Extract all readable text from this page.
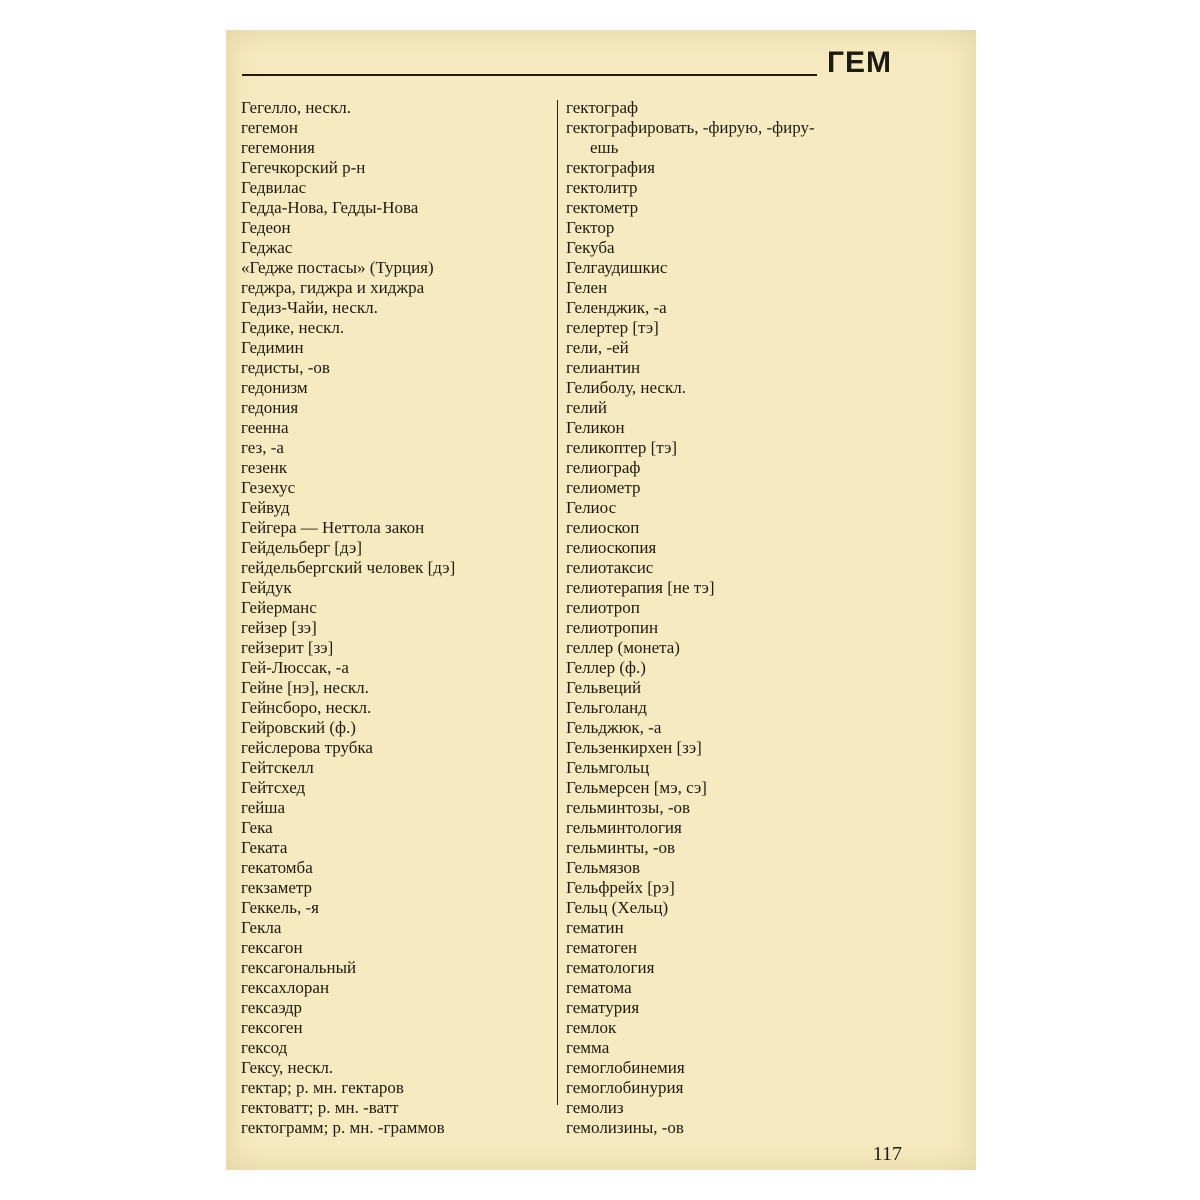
ГЕМ
Гегелло, нескл.
гегемон
гегемония
Гегечкорский р-н
Гедвилас
Гедда-Нова, Гедды-Нова
Гедеон
Геджас
«Гедже постасы» (Турция)
геджра, гиджра и хиджра
Гедиз-Чайи, нескл.
Гедике, нескл.
Гедимин
гедисты, -ов
гедонизм
гедония
геенна
гез, -а
гезенк
Гезехус
Гейвуд
Гейгера — Неттола закон
Гейдельберг [дэ]
гейдельбергский человек [дэ]
Гейдук
Гейерманс
гейзер [зэ]
гейзерит [зэ]
Гей-Люссак, -а
Гейне [нэ], нескл.
Гейнсборо, нескл.
Гейровский (ф.)
гейслерова трубка
Гейтскелл
Гейтсхед
гейша
Гека
Геката
гекатомба
гекзаметр
Геккель, -я
Гекла
гексагон
гексагональный
гексахлоран
гексаэдр
гексоген
гексод
Гексу, нескл.
гектар; р. мн. гектаров
гектоватт; р. мн. -ватт
гектограмм; р. мн. -граммов
гектограф
гектографировать, -фирую, -фиру-
ешь
гектография
гектолитр
гектометр
Гектор
Гекуба
Гелгаудишкис
Гелен
Геленджик, -а
гелертер [тэ]
гели, -ей
гелиантин
Гелиболу, нескл.
гелий
Геликон
геликоптер [тэ]
гелиограф
гелиометр
Гелиос
гелиоскоп
гелиоскопия
гелиотаксис
гелиотерапия [не тэ]
гелиотроп
гелиотропин
геллер (монета)
Геллер (ф.)
Гельвеций
Гельголанд
Гельджюк, -а
Гельзенкирхен [зэ]
Гельмгольц
Гельмерсен [мэ, сэ]
гельминтозы, -ов
гельминтология
гельминты, -ов
Гельмязов
Гельфрейх [рэ]
Гельц (Хельц)
гематин
гематоген
гематология
гематома
гематурия
гемлок
гемма
гемоглобинемия
гемоглобинурия
гемолиз
гемолизины, -ов
117
